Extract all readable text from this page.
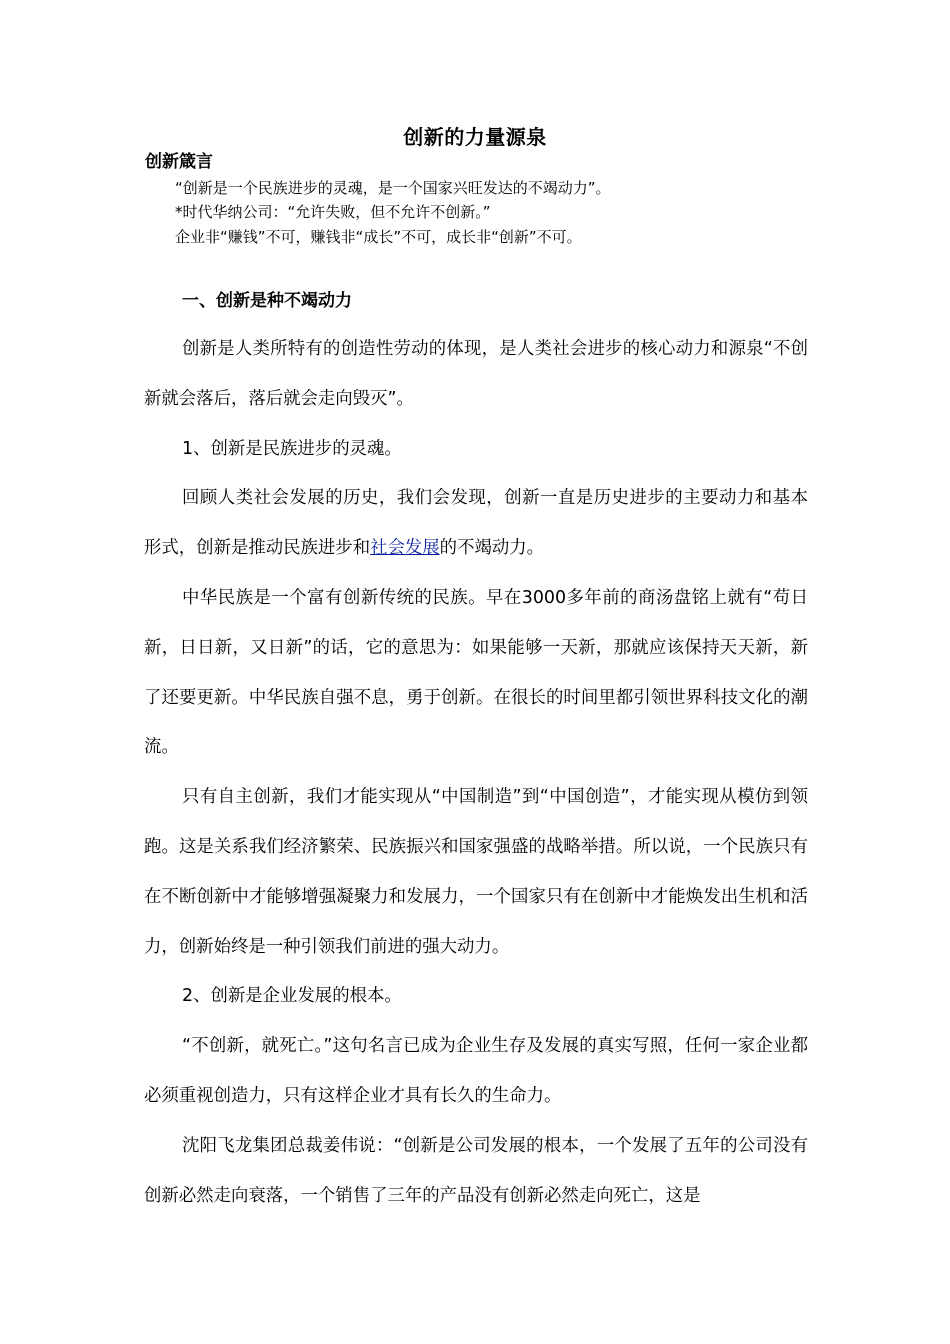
创新的力量源泉
创新箴言
“创新是一个民族进步的灵魂，是一个国家兴旺发达的不竭动力”。
*时代华纳公司：“允许失败，但不允许不创新。”
企业非“赚钱”不可，赚钱非“成长”不可，成长非“创新”不可。
一、创新是种不竭动力

创新是人类所特有的创造性劳动的体现，是人类社会进步的核心动力和源泉“不创新就会落后，落后就会走向毁灭”。

1、创新是民族进步的灵魂。

回顾人类社会发展的历史，我们会发现，创新一直是历史进步的主要动力和基本形式，创新是推动民族进步和社会发展的不竭动力。

中华民族是一个富有创新传统的民族。早在3000多年前的商汤盘铭上就有“苟日新，日日新，又日新”的话，它的意思为：如果能够一天新，那就应该保持天天新，新了还要更新。中华民族自强不息，勇于创新。在很长的时间里都引领世界科技文化的潮流。

只有自主创新，我们才能实现从“中国制造”到“中国创造”，才能实现从模仿到领跑。这是关系我们经济繁荣、民族振兴和国家强盛的战略举措。所以说，一个民族只有在不断创新中才能够增强凝聚力和发展力，一个国家只有在创新中才能焕发出生机和活力，创新始终是一种引领我们前进的强大动力。

2、创新是企业发展的根本。

“不创新，就死亡。”这句名言已成为企业生存及发展的真实写照，任何一家企业都必须重视创造力，只有这样企业才具有长久的生命力。

沈阳飞龙集团总裁姜伟说：“创新是公司发展的根本，一个发展了五年的公司没有创新必然走向衰落，一个销售了三年的产品没有创新必然走向死亡，这是
